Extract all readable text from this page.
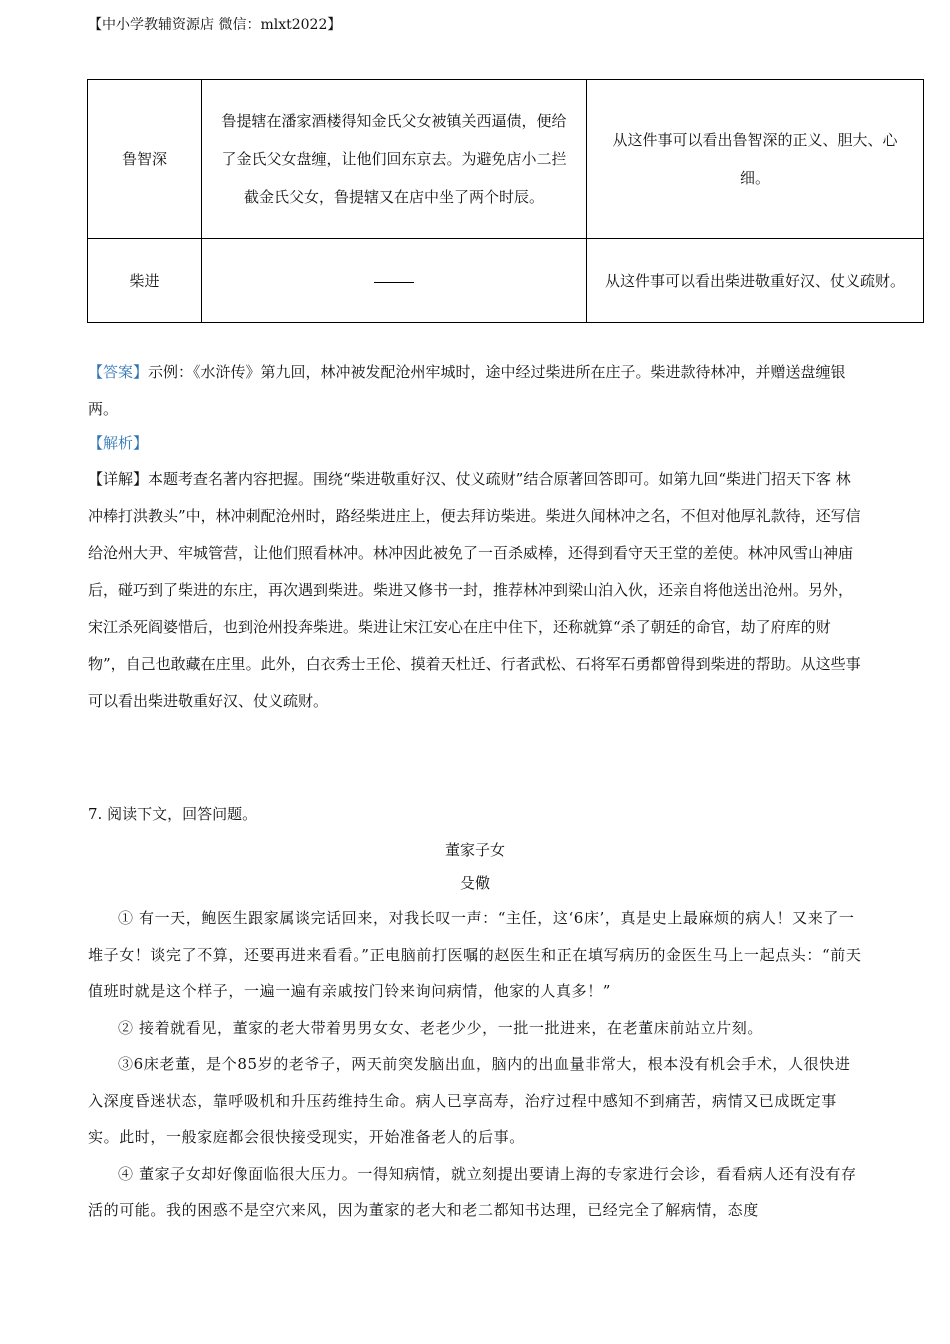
【中小学教辅资源店 微信：mlxt2022】
鲁智深	鲁提辖在潘家酒楼得知金氏父女被镇关西逼债，便给了金氏父女盘缠，让他们回东京去。为避免店小二拦截金氏父女，鲁提辖又在店中坐了两个时辰。	从这件事可以看出鲁智深的正义、胆大、心细。
柴进		从这件事可以看出柴进敬重好汉、仗义疏财。
【答案】示例：《水浒传》第九回，林冲被发配沧州牢城时，途中经过柴进所在庄子。柴进款待林冲，并赠送盘缠银两。
【解析】
【详解】本题考查名著内容把握。围绕“柴进敬重好汉、仗义疏财”结合原著回答即可。如第九回“柴进门招天下客 林冲棒打洪教头”中，林冲刺配沧州时，路经柴进庄上，便去拜访柴进。柴进久闻林冲之名，不但对他厚礼款待，还写信给沧州大尹、牢城管营，让他们照看林冲。林冲因此被免了一百杀威棒，还得到看守天王堂的差使。林冲风雪山神庙后，碰巧到了柴进的东庄，再次遇到柴进。柴进又修书一封，推荐林冲到梁山泊入伙，还亲自将他送出沧州。另外，宋江杀死阎婆惜后，也到沧州投奔柴进。柴进让宋江安心在庄中住下，还称就算“杀了朝廷的命官，劫了府库的财物”，自己也敢藏在庄里。此外，白衣秀士王伦、摸着天杜迁、行者武松、石将军石勇都曾得到柴进的帮助。从这些事可以看出柴进敬重好汉、仗义疏财。
7. 阅读下文，回答问题。
董家子女
殳儆
① 有一天，鲍医生跟家属谈完话回来，对我长叹一声：“主任，这‘6床’，真是史上最麻烦的病人！又来了一堆子女！谈完了不算，还要再进来看看。”正电脑前打医嘱的赵医生和正在填写病历的金医生马上一起点头：“前天值班时就是这个样子，一遍一遍有亲戚按门铃来询问病情，他家的人真多！”
② 接着就看见，董家的老大带着男男女女、老老少少，一批一批进来，在老董床前站立片刻。
③6床老董，是个85岁的老爷子，两天前突发脑出血，脑内的出血量非常大，根本没有机会手术，人很快进入深度昏迷状态，靠呼吸机和升压药维持生命。病人已享高寿，治疗过程中感知不到痛苦，病情又已成既定事实。此时，一般家庭都会很快接受现实，开始准备老人的后事。
④ 董家子女却好像面临很大压力。一得知病情，就立刻提出要请上海的专家进行会诊，看看病人还有没有存活的可能。我的困惑不是空穴来风，因为董家的老大和老二都知书达理，已经完全了解病情，态度
